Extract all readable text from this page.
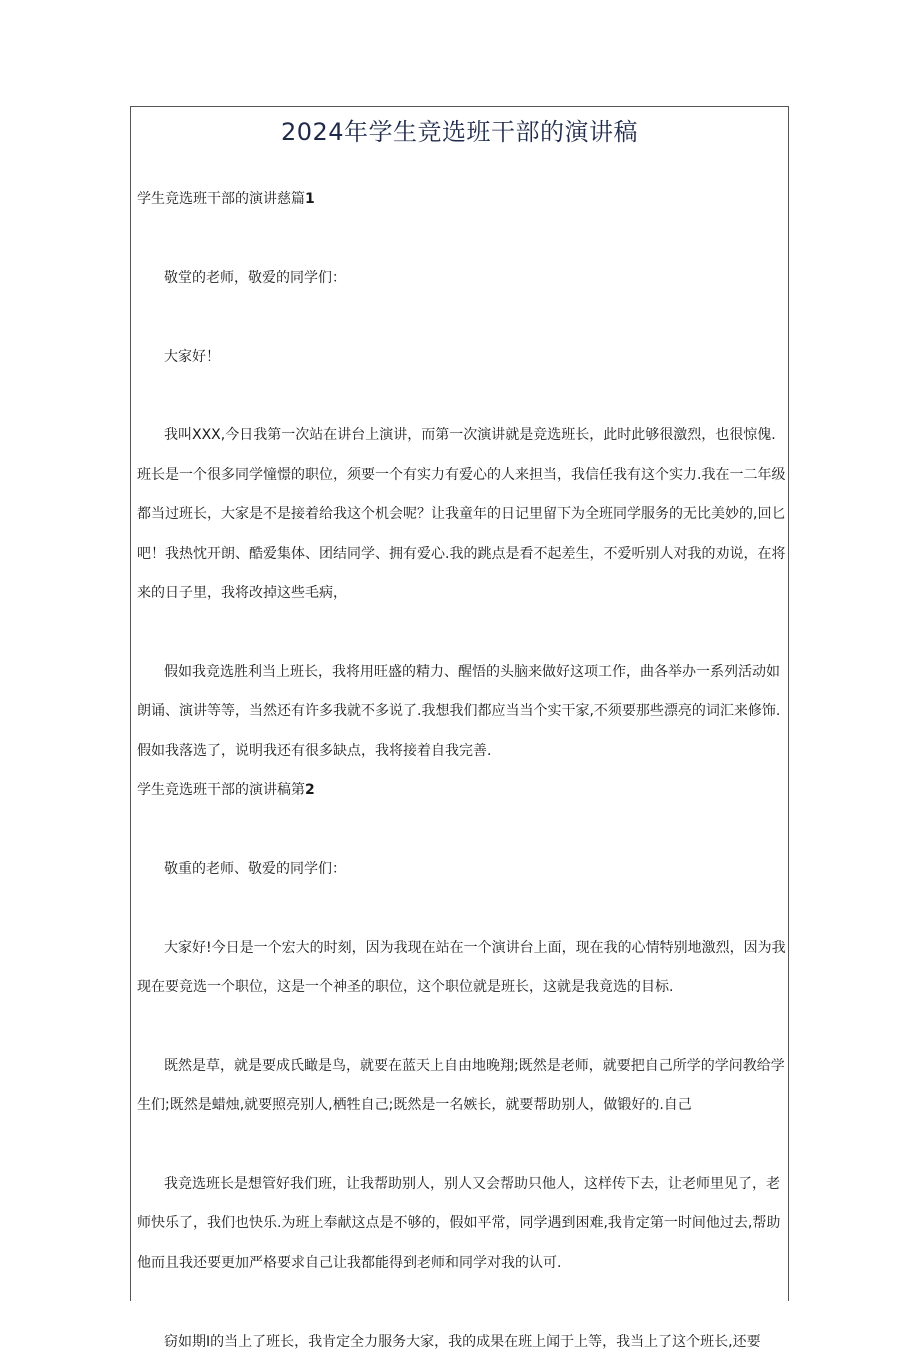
2024年学生竞选班干部的演讲稿
学生竞选班干部的演讲慈篇1

敬堂的老师，敬爱的同学们：

大家好！

我叫XXX,今日我第一次站在讲台上演讲，而第一次演讲就是竞选班长，此时此够很激烈，也很惊傀.班长是一个很多同学憧憬的职位，须要一个有实力有爱心的人来担当，我信任我有这个实力.我在一二年级都当过班长，大家是不是接着给我这个机会呢？让我童年的日记里留下为全班同学服务的无比美妙的,回匕吧！我热忱开朗、酷爱集体、团结同学、拥有爱心.我的跳点是看不起差生，不爱听别人对我的劝说，在将来的日子里，我将改掉这些毛病，

假如我竞选胜利当上班长，我将用旺盛的精力、醒悟的头脑来做好这项工作，曲各举办一系列活动如朗诵、演讲等等，当然还有许多我就不多说了.我想我们都应当当个实干家,不须要那些漂亮的词汇来修饰.假如我落选了，说明我还有很多缺点，我将接着自我完善.

学生竞选班干部的演讲稿第2

敬重的老师、敬爱的同学们：

大家好!今日是一个宏大的时刻，因为我现在站在一个演讲台上面，现在我的心情特别地激烈，因为我现在要竞选一个职位，这是一个神圣的职位，这个职位就是班长，这就是我竟选的目标.

既然是草，就是要成氏瞰是鸟，就要在蓝天上自由地晚翔;既然是老师，就要把自己所学的学问教给学生们;既然是蜡烛,就要照亮别人,栖牲自己;既然是一名嫉长，就要帮助别人，做锻好的.自己

我竞选班长是想管好我们班，让我帮助别人，别人又会帮助只他人，这样传下去，让老师里见了，老师快乐了，我们也快乐.为班上奉献这点是不够的，假如平常，同学遇到困难,我肯定第一时间他过去,帮助他而且我还要更加严格要求自己让我都能得到老师和同学对我的认可.

窃如期I的当上了班长，我肯定全力服务大家，我的成果在班上闻于上等，我当上了这个班长,还要
